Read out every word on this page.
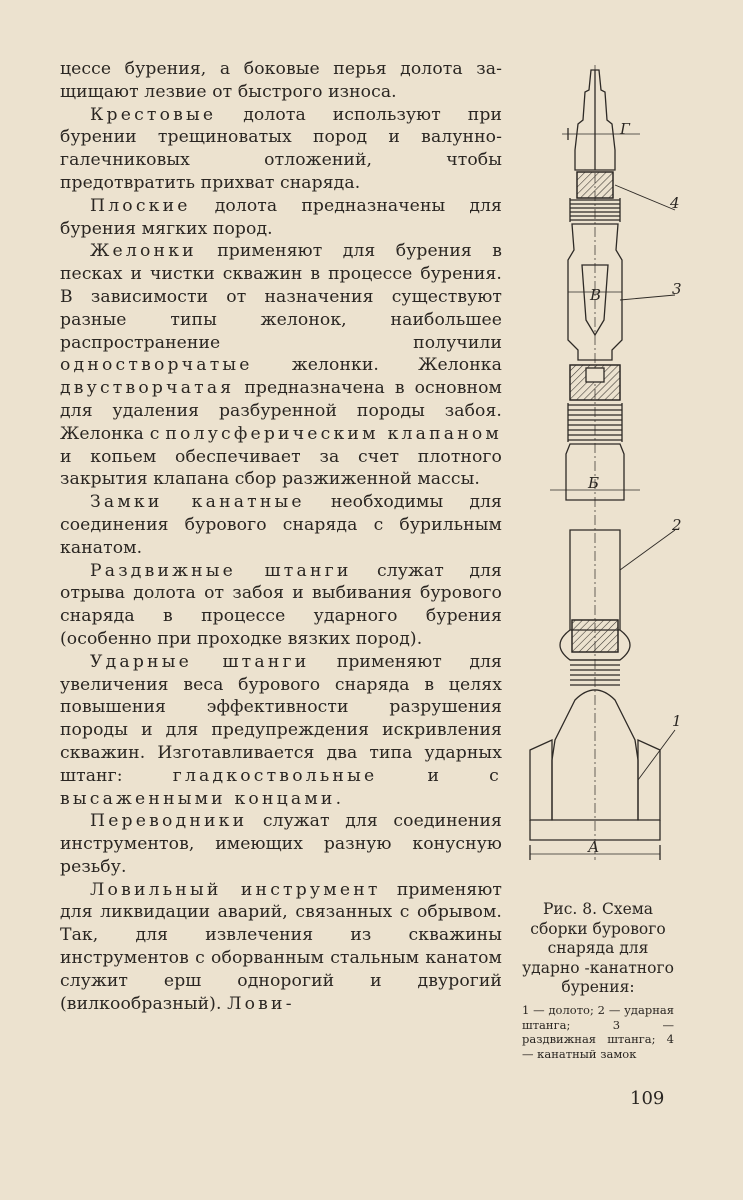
цессе бурения, а боковые перья долота за-щищают лезвие от быстрого износа.
Крестовые долота используют при бурении трещиноватых пород и валунно-галечниковых отложений, чтобы предотвратить прихват снаряда.
Плоские долота предназначены для бурения мягких пород.
Желонки применяют для бурения в песках и чистки скважин в процессе бурения. В зависимости от назначения существуют разные типы желонок, наибольшее распространение получили одностворчатые желонки. Желонка двустворчатая предназначена в основном для удаления разбуренной породы забоя. Желонка с полусферическим клапаном и копьем обеспечивает за счет плотного закрытия клапана сбор разжиженной массы.
Замки канатные необходимы для соединения бурового снаряда с бурильным канатом.
Раздвижные штанги служат для отрыва долота от забоя и выбивания бурового снаряда в процессе ударного бурения (особенно при проходке вязких пород).
Ударные штанги применяют для увеличения веса бурового снаряда в целях повышения эффективности разрушения породы и для предупреждения искривления скважин. Изготавливается два типа ударных штанг: гладкоствольные и с высаженными концами.
Переводники служат для соединения инструментов, имеющих разную конусную резьбу.
Ловильный инструмент применяют для ликвидации аварий, связанных с обрывом. Так, для извлечения из скважины инструментов с оборванным стальным канатом служит ерш однорогий и двурогий (вилкообразный). Лови-
4
3
2
1
Г
В
Б
А
Рис. 8. Схема сборки бурового снаряда для ударно -канатного бурения:
1 — долото; 2 — ударная штанга; 3 — раздвижная штанга; 4 — канатный замок
109
